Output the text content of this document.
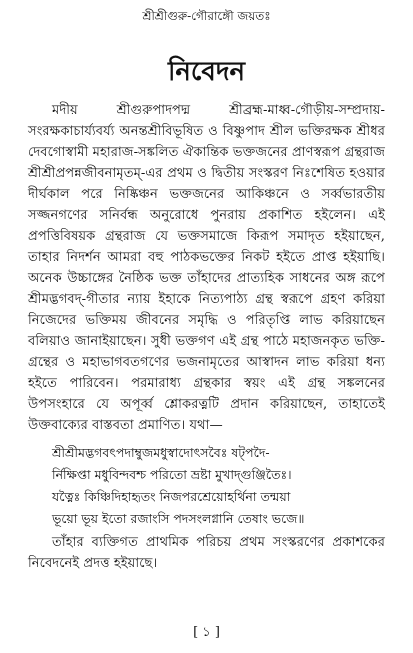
শ্রীশ্রীগুরু-গৌরাঙ্গৌ জয়তঃ
নিবেদন

মদীয় শ্রীগুরুপাদপদ্ম শ্রীব্রহ্ম-মাধ্ব-গৌড়ীয়-সম্প্রদায়-সংরক্ষকাচার্য্যবর্য্য অনন্তশ্রীবিভূষিত ও বিষ্ণুপাদ শ্রীল ভক্তিরক্ষক শ্রীধর দেবগোস্বামী মহারাজ-সঙ্কলিত ঐকান্তিক ভক্তজনের প্রাণস্বরূপ গ্রন্থরাজ শ্রীশ্রীপ্রপন্নজীবনামৃতম্-এর প্রথম ও দ্বিতীয় সংস্করণ নিঃশেষিত হওয়ার দীর্ঘকাল পরে নিষ্কিঞ্চন ভক্তজনের আকিঞ্চনে ও সর্ব্বভারতীয় সজ্জনগণের সনির্বন্ধ অনুরোধে পুনরায় প্রকাশিত হইলেন। এই প্রপত্তিবিষয়ক গ্রন্থরাজ যে ভক্তসমাজে কিরূপ সমাদৃত হইয়াছেন, তাহার নিদর্শন আমরা বহু পাঠকভক্তের নিকট হইতে প্রাপ্ত হইয়াছি। অনেক উচ্চাঙ্গের নৈষ্ঠিক ভক্ত তাঁহাদের প্রাত্যহিক সাধনের অঙ্গ রূপে শ্রীমদ্ভগবদ্-গীতার ন্যায় ইহাকে নিত্যপাঠ্য গ্রন্থ স্বরূপে গ্রহণ করিয়া নিজেদের ভক্তিময় জীবনের সমৃদ্ধি ও পরিতৃপ্তি লাভ করিয়াছেন বলিয়াও জানাইয়াছেন। সুধী ভক্তগণ এই গ্রন্থ পাঠে মহাজনকৃত ভক্তি-গ্রন্থের ও মহাভাগবতগণের ভজনামৃতের আস্বাদন লাভ করিয়া ধন্য হইতে পারিবেন। পরমারাধ্য গ্রন্থকার স্বয়ং এই গ্রন্থ সঙ্কলনের উপসংহারে যে অপূর্ব্ব শ্লোকরত্নটি প্রদান করিয়াছেন, তাহাতেই উক্তবাক্যের বাস্তবতা প্রমাণিত। যথা—

শ্রীশ্রীমদ্ভগবৎপদাম্বুজমধুস্বাদোৎসবৈঃ ষট্পদৈ-
র্নিক্ষিপ্তা মধুবিন্দবশ্চ পরিতো ভ্রষ্টা মুখাদ্‌গুঞ্জিতৈঃ।
যত্নৈঃ কিঞ্চিদিহাহৃতং নিজপরশ্রেয়োহর্থিনা তন্ময়া
ভূয়ো ভূয় ইতো রজাংসি পদসংলগ্নানি তেষাং ভজে॥

তাঁহার ব্যক্তিগত প্রাথমিক পরিচয় প্রথম সংস্করণের প্রকাশকের নিবেদনেই প্রদত্ত হইয়াছে।

[ ১ ]
